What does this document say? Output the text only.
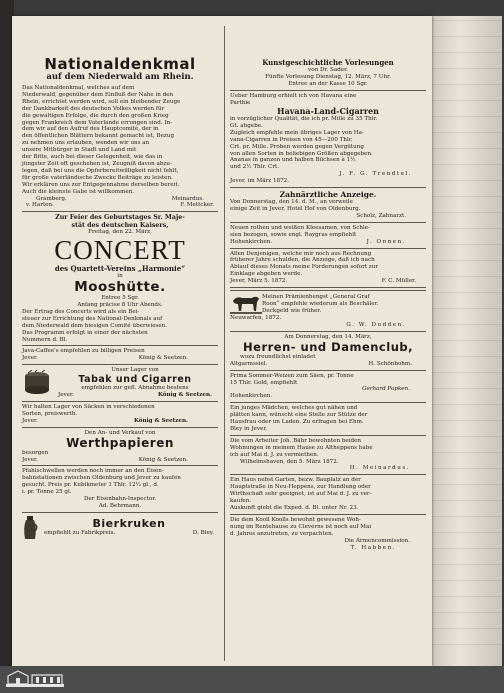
Nationaldenkmal

auf dem Niederwald am Rhein.

Das Nationaldenkmal, welches auf dem

Niederwald, gegenüber dem Einfluß der Nahe in den

Rhein, errichtet werden wird, soll ein bleibender Zeuge

der Dankbarkeit des deutschen Volkes werden für

die gewaltigen Erfolge, die durch den großen Krieg

gegen Frankreich dem Vaterlande errungen sind. In-

dem wir auf den Aufruf des Hauptcomité, der in

den öffentlichen Blättern bekannt gemacht ist, Bezug

zu nehmen uns erlauben, wenden wir uns an

unsere Mitbürger in Stadt und Land mit

der Bitte, auch bei dieser Gelegenheit, wie das in

jüngster Zeit oft geschehen ist, Zeugniß davon abzu-

legen, daß bei uns die Opferbereitwilligkeit nicht fehlt,

für große vaterländische Zwecke Beiträge zu leisten.

Wir erklären uns zur Entgegennahme derselben bereit.

Auch die kleinste Gabe ist willkommen.

Gramberg.	Meinardus.
v. Harten.	F. Mettcker.

Zur Feier des Geburtstages Sr. Maje-

stät des deutschen Kaisers,

Freitag, den 22. März,

CONCERT

des Quartett-Vereins „Harmonie“

in

Mooshütte.

Entree 5 Sgr.

Anfang präcise 8 Uhr Abends.

Der Ertrag des Concerts wird als ein Bei-

steuer zur Errichtung des National-Denkmals auf

dem Niederwald dem hiesigen Comité überwiesen.

Das Programm erfolgt in einer der nächsten

Nummern d. Bl.

Java-Caffee's empfehlen zu billigen Preisen

Jever.	König & Seetzen.

Unser Lager von

Tabak und Cigarren

empfehlen zur gefl. Abnahme bestens

Jever.	König & Seetzen.

Wir halten Lager von Säcken in verschiedenen

Sorten, preiswerth.

Jever.	König & Seetzen.

Den An- und Verkauf von

Werthpapieren

besorgen

Jever.	König & Seetzen.

Pfahlschwellen werden noch immer an den Eisen-

bahnstationen zwischen Oldenburg und Jever zu kaufen

gesucht. Preis pr. Kubikmeter 1 Thlr. 12½ gl., d.

i. pr. Tonne 25 gl.

Der Eisenbahn-Inspector.

Ad. Behrmann.

Bierkruken

empfiehlt zu Fabrikpreis.	D. Bley.

Kunstgeschichtliche Vorlesungen

von Dr. Sader.

Fünfte Vorlesung Dienstag, 12. März, 7 Uhr.

Entree an der Kasse 10 Sgr.

Ueber Hamburg erhielt ich von Havana eine

Parthie

Havana-Land-Cigarren

in vorzüglicher Qualität, die ich pr. Mille zu 35 Thlr.

Gt. abgebe.

Zugleich empfehle mein übriges Lager von Ha-

vana-Cigarren in Preisen von 45—200 Thlr.

Crt. pr. Mille. Proben werden gegen Vergütung

von allen Sorten in beliebigen Größen abgegeben.

Ananas in ganzen und halben Büchsen à 1½

und 2½ Thlr. Crt.

J. F. G. Trendtel.

Jever, im März 1872.

Zahnärztliche Anzeige.

Von Donnerstag, den 14. d. M., an verweile

einige Zeit in Jever, Hotel Hof von Oldenburg.

Scholz, Zahnarzt.

Neuen rothen und weißen Kleesamen, von Schle-

sien bezogen, sowie engl. Raygras empfiehlt

Hohenkirchen.	J. Onnen.

Allen Denjenigen, welche mir noch aus Rechnung

früherer Jahre schulden, die Anzeige, daß ich nach

Ablauf dieses Monats meine Forderungen sofort zur

Einklage abgeben werde.

Jever, März 5. 1872.	F. C. Müller.

Meinen Prämienhengst „General Graf

Roon“ empfehle wiederum als Beschäler.

Deckgeld wie früher.

Neuwarfen, 1872.

G. W. Dudden.

Am Donnerstag, den 14. März,

Herren- und Damenclub,

wozu freundlichst einladet

Altgarmssiel.	H. Schönbohm.

Prima Sommer-Weizen zum Säen, pr. Tonne

15 Thlr. Gold, empfiehlt

Gerhard Popken.

Hohenkirchen.

Ein junges Mädchen, welches gut nähen und

plätten kann, wünscht eine Stelle zur Stütze der

Hausfrau oder im Laden. Zu erfragen bei Ehm.

Bley in Jever.

Die vom Arbeiter Joh. Bähr bewohnten beiden

Wohnungen in meinem Hause zu Altheppens habe

ich auf Mai d. J. zu vermiethen.

Wilhelmshaven, den 5. März 1872.

H. Meinardus.

Ein Haus nebst Garten, bezw. Bauplatz an der

Hauptstraße in Neu-Heppens, zur Handlung oder

Wirthschaft sehr geeignet, ist auf Mai d. J. zu ver-

kaufen.

Auskunft giebt die Exped. d. Bl. unter Nr. 23.

Die dem Kooll Koolls bewohnt gewesene Woh-

nung im Rentehause zu Cleverns ist noch auf Mai

d. Jahres anzutreten, zu verpachten.

Die Armencommission.

T. Habben.
